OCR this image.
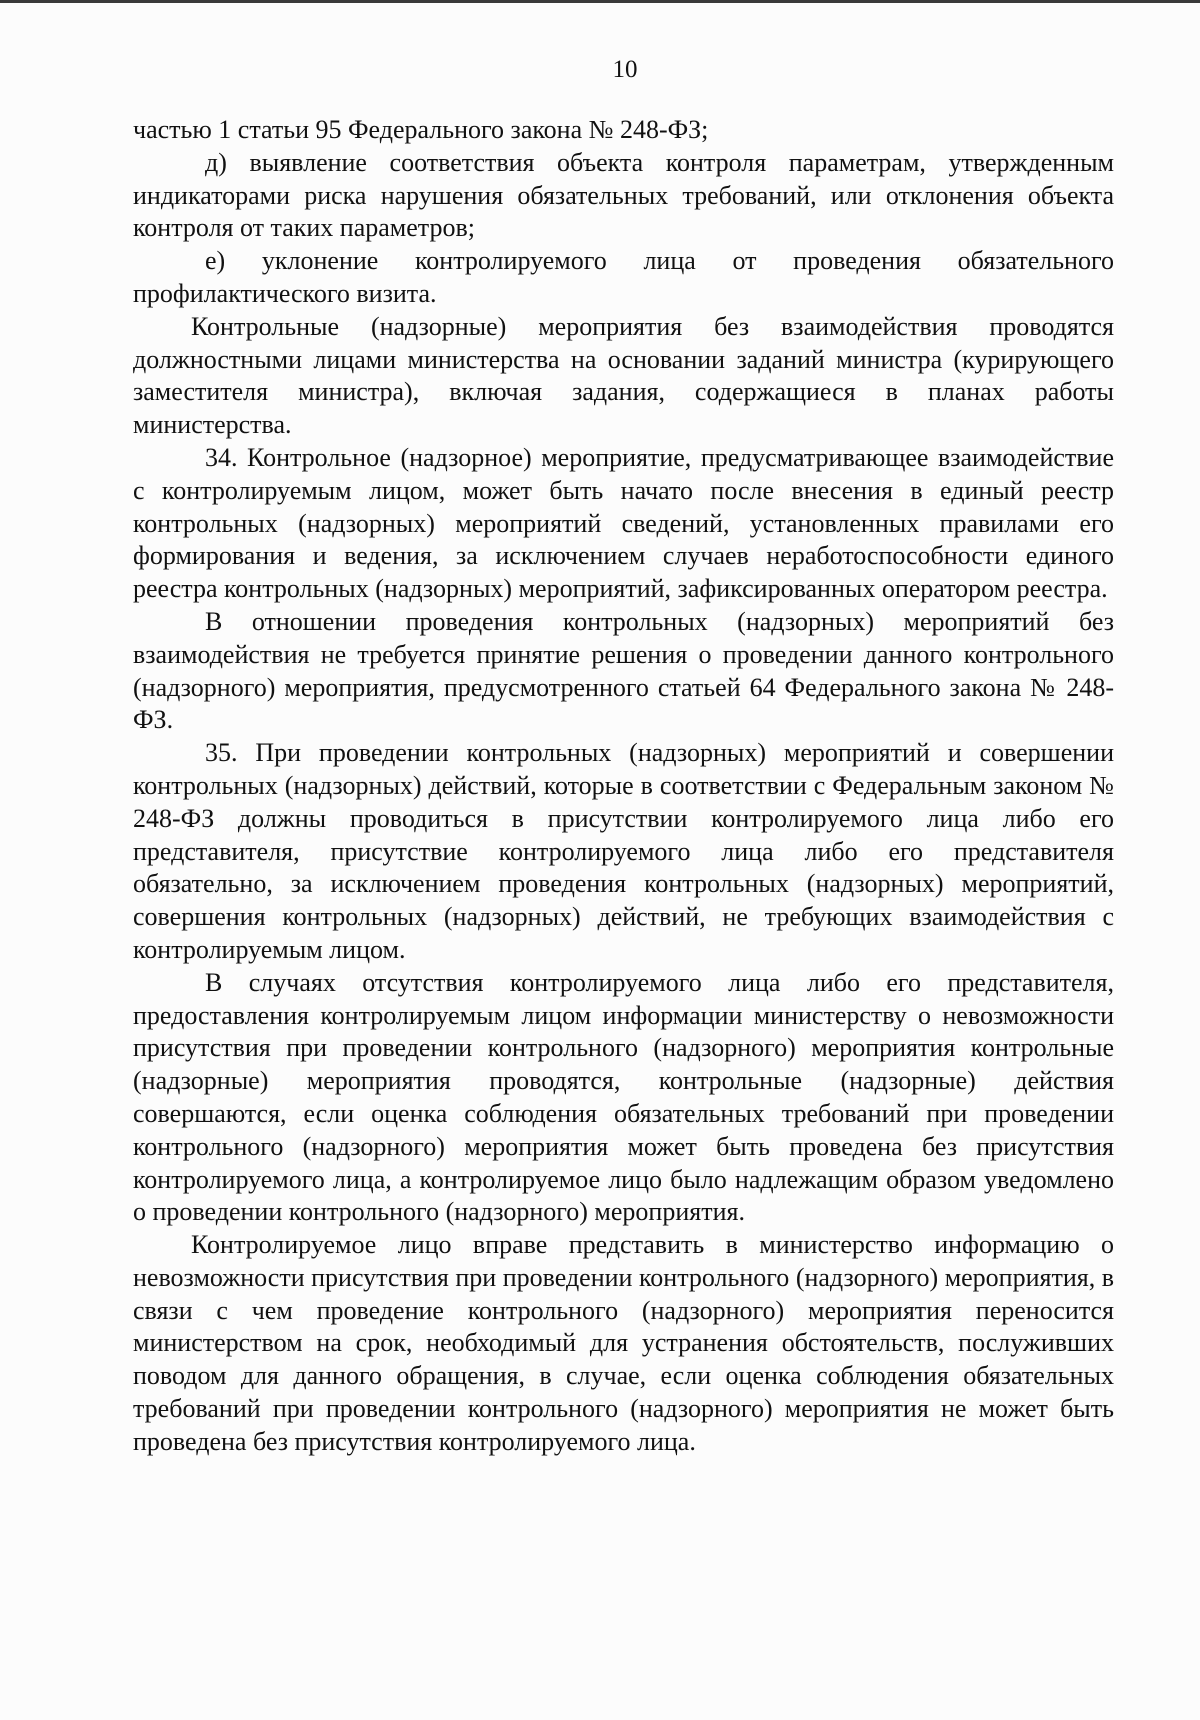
10

частью 1 статьи 95 Федерального закона № 248-ФЗ;

д) выявление соответствия объекта контроля параметрам, утвержденным индикаторами риска нарушения обязательных требований, или отклонения объекта контроля от таких параметров;

е) уклонение контролируемого лица от проведения обязательного профилактического визита.

Контрольные (надзорные) мероприятия без взаимодействия проводятся должностными лицами министерства на основании заданий министра (курирующего заместителя министра), включая задания, содержащиеся в планах работы министерства.

34. Контрольное (надзорное) мероприятие, предусматривающее взаимодействие с контролируемым лицом, может быть начато после внесения в единый реестр контрольных (надзорных) мероприятий сведений, установленных правилами его формирования и ведения, за исключением случаев неработоспособности единого реестра контрольных (надзорных) мероприятий, зафиксированных оператором реестра.

В отношении проведения контрольных (надзорных) мероприятий без взаимодействия не требуется принятие решения о проведении данного контрольного (надзорного) мероприятия, предусмотренного статьей 64 Федерального закона № 248-ФЗ.

35. При проведении контрольных (надзорных) мероприятий и совершении контрольных (надзорных) действий, которые в соответствии с Федеральным законом № 248-ФЗ должны проводиться в присутствии контролируемого лица либо его представителя, присутствие контролируемого лица либо его представителя обязательно, за исключением проведения контрольных (надзорных) мероприятий, совершения контрольных (надзорных) действий, не требующих взаимодействия с контролируемым лицом.

В случаях отсутствия контролируемого лица либо его представителя, предоставления контролируемым лицом информации министерству о невозможности присутствия при проведении контрольного (надзорного) мероприятия контрольные (надзорные) мероприятия проводятся, контрольные (надзорные) действия совершаются, если оценка соблюдения обязательных требований при проведении контрольного (надзорного) мероприятия может быть проведена без присутствия контролируемого лица, а контролируемое лицо было надлежащим образом уведомлено о проведении контрольного (надзорного) мероприятия.

Контролируемое лицо вправе представить в министерство информацию о невозможности присутствия при проведении контрольного (надзорного) мероприятия, в связи с чем проведение контрольного (надзорного) мероприятия переносится министерством на срок, необходимый для устранения обстоятельств, послуживших поводом для данного обращения, в случае, если оценка соблюдения обязательных требований при проведении контрольного (надзорного) мероприятия не может быть проведена без присутствия контролируемого лица.
